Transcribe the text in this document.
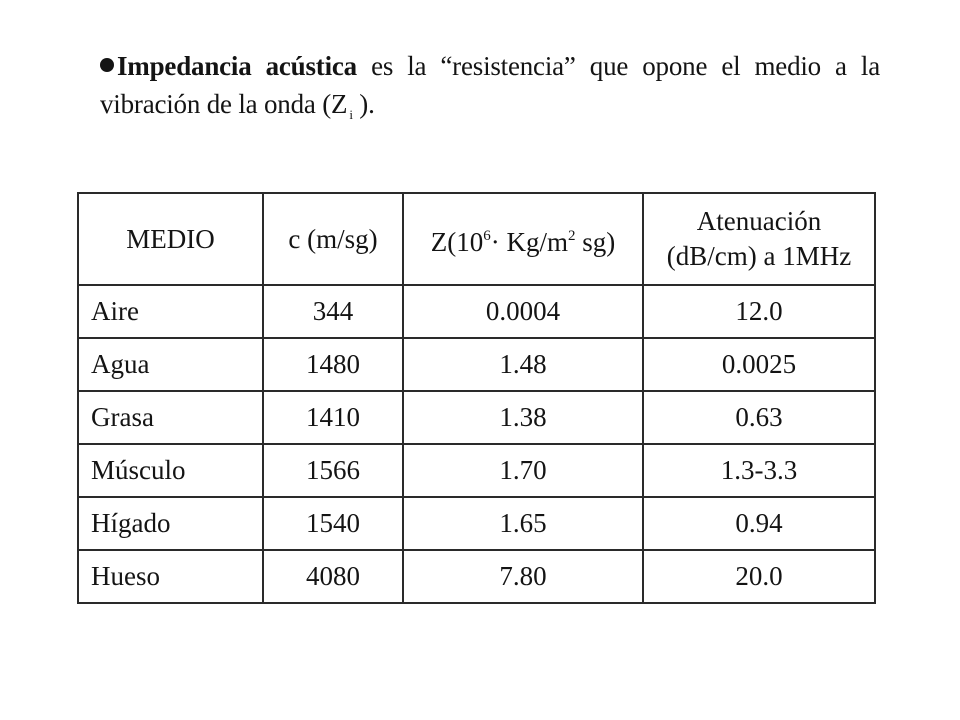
Impedancia acústica es la “resistencia” que opone el medio a la
vibración de la onda (Z $_i$ ).
MEDIO	c (m/sg)	$Z(10^6\cdot Kg/m^2$ sg)	Atenuación
(dB/cm) a 1MHz
Aire	344	0.0004	12.0
Agua	1480	1.48	0.0025
Grasa	1410	1.38	0.63
Músculo	1566	1.70	1.3-3.3
Hígado	1540	1.65	0.94
Hueso	4080	7.80	20.0
